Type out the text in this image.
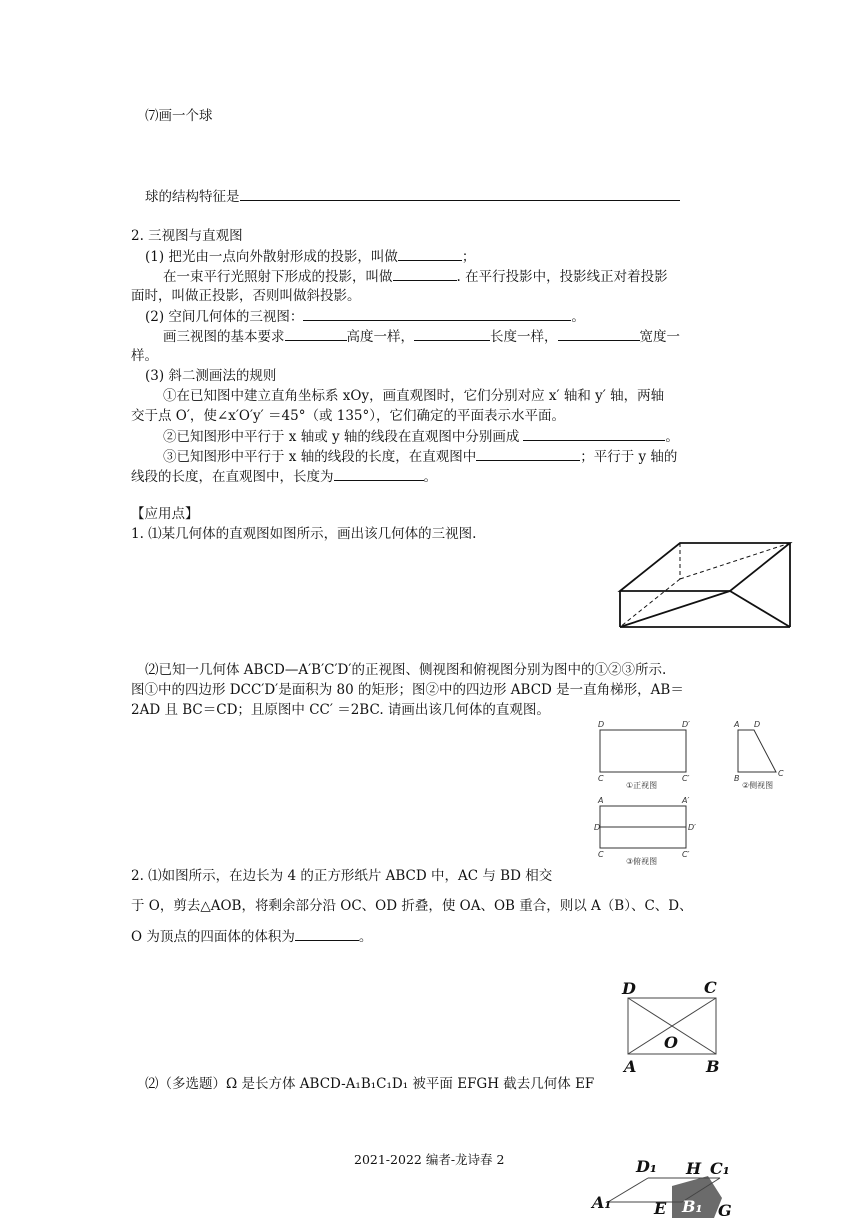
⑺画一个球
球的结构特征是
2. 三视图与直观图
(1) 把光由一点向外散射形成的投影，叫做	；
在一束平行光照射下形成的投影，叫做	. 在平行投影中，投影线正对着投影
面时，叫做正投影，否则叫做斜投影。
(2) 空间几何体的三视图：	。
画三视图的基本要求	高度一样，	长度一样，	宽度一
样。
(3) 斜二测画法的规则
①在已知图中建立直角坐标系 xOy，画直观图时，它们分别对应 x′ 轴和 y′ 轴，两轴
交于点 O′，使∠x′O′y′ ＝45°（或 135°），它们确定的平面表示水平面。
②已知图形中平行于 x 轴或 y 轴的线段在直观图中分别画成	。
③已知图形中平行于 x 轴的线段的长度，在直观图中	；平行于 y 轴的
线段的长度，在直观图中，长度为	。
【应用点】
1. ⑴某几何体的直观图如图所示，画出该几何体的三视图.
⑵已知一几何体 ABCD—A′B′C′D′的正视图、侧视图和俯视图分别为图中的①②③所示.
图①中的四边形 DCC′D′是面积为 80 的矩形；图②中的四边形 ABCD 是一直角梯形，AB＝
2AD 且 BC＝CD；且原图中 CC′ ＝2BC. 请画出该几何体的直观图。
D	D′
C	C′
A D
B
C
A	A′
D	D′
C	C′
①正视图	②侧视图
③俯视图
2. ⑴如图所示，在边长为 4 的正方形纸片 ABCD 中，AC 与 BD 相交
于 O，剪去△AOB，将剩余部分沿 OC、OD 折叠，使 OA、OB 重合，则以 A（B）、C、D、
O 为顶点的四面体的体积为	。
D	C
O
A	B
⑵（多选题）Ω 是长方体 ABCD-A₁B₁C₁D₁ 被平面 EFGH 截去几何体 EF
2021-2022 编者-龙诗春 2	D₁ H C₁
A₁	E B₁ G
